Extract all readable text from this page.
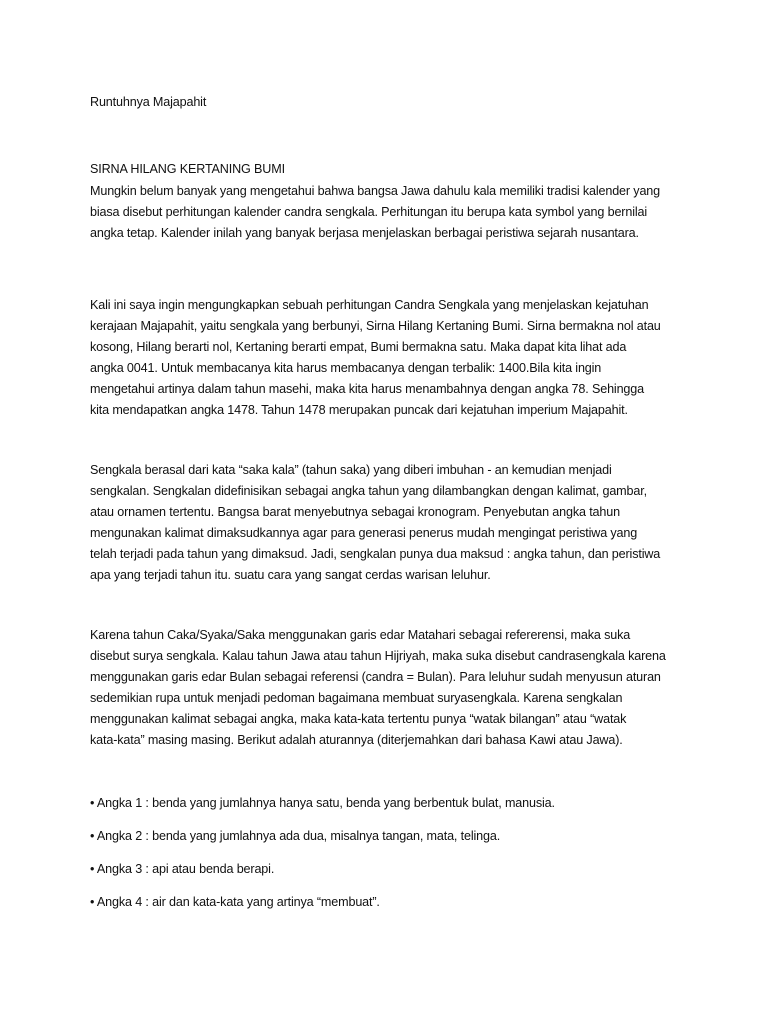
Runtuhnya Majapahit
SIRNA HILANG KERTANING BUMI
Mungkin belum banyak yang mengetahui bahwa bangsa Jawa dahulu kala memiliki tradisi kalender yang
biasa disebut perhitungan kalender candra sengkala. Perhitungan itu berupa kata symbol yang bernilai
angka tetap. Kalender inilah yang banyak berjasa menjelaskan berbagai peristiwa sejarah nusantara.
Kali ini saya ingin mengungkapkan sebuah perhitungan Candra Sengkala yang menjelaskan kejatuhan
kerajaan Majapahit, yaitu sengkala yang berbunyi, Sirna Hilang Kertaning Bumi. Sirna bermakna nol atau
kosong, Hilang berarti nol, Kertaning berarti empat, Bumi bermakna satu. Maka dapat kita lihat ada
angka 0041. Untuk membacanya kita harus membacanya dengan terbalik: 1400.Bila kita ingin
mengetahui artinya dalam tahun masehi, maka kita harus menambahnya dengan angka 78. Sehingga
kita mendapatkan angka 1478. Tahun 1478 merupakan puncak dari kejatuhan imperium Majapahit.
Sengkala berasal dari kata “saka kala” (tahun saka) yang diberi imbuhan - an kemudian menjadi
sengkalan. Sengkalan didefinisikan sebagai angka tahun yang dilambangkan dengan kalimat, gambar,
atau ornamen tertentu. Bangsa barat menyebutnya sebagai kronogram. Penyebutan angka tahun
mengunakan kalimat dimaksudkannya agar para generasi penerus mudah mengingat peristiwa yang
telah terjadi pada tahun yang dimaksud. Jadi, sengkalan punya dua maksud : angka tahun, dan peristiwa
apa yang terjadi tahun itu. suatu cara yang sangat cerdas warisan leluhur.
Karena tahun Caka/Syaka/Saka menggunakan garis edar Matahari sebagai refererensi, maka suka
disebut surya sengkala. Kalau tahun Jawa atau tahun Hijriyah, maka suka disebut candrasengkala karena
menggunakan garis edar Bulan sebagai referensi (candra = Bulan). Para leluhur sudah menyusun aturan
sedemikian rupa untuk menjadi pedoman bagaimana membuat suryasengkala. Karena sengkalan
menggunakan kalimat sebagai angka, maka kata-kata tertentu punya “watak bilangan” atau “watak
kata-kata” masing masing. Berikut adalah aturannya (diterjemahkan dari bahasa Kawi atau Jawa).
• Angka 1 : benda yang jumlahnya hanya satu, benda yang berbentuk bulat, manusia.
• Angka 2 : benda yang jumlahnya ada dua, misalnya tangan, mata, telinga.
• Angka 3 : api atau benda berapi.
• Angka 4 : air dan kata-kata yang artinya “membuat”.
